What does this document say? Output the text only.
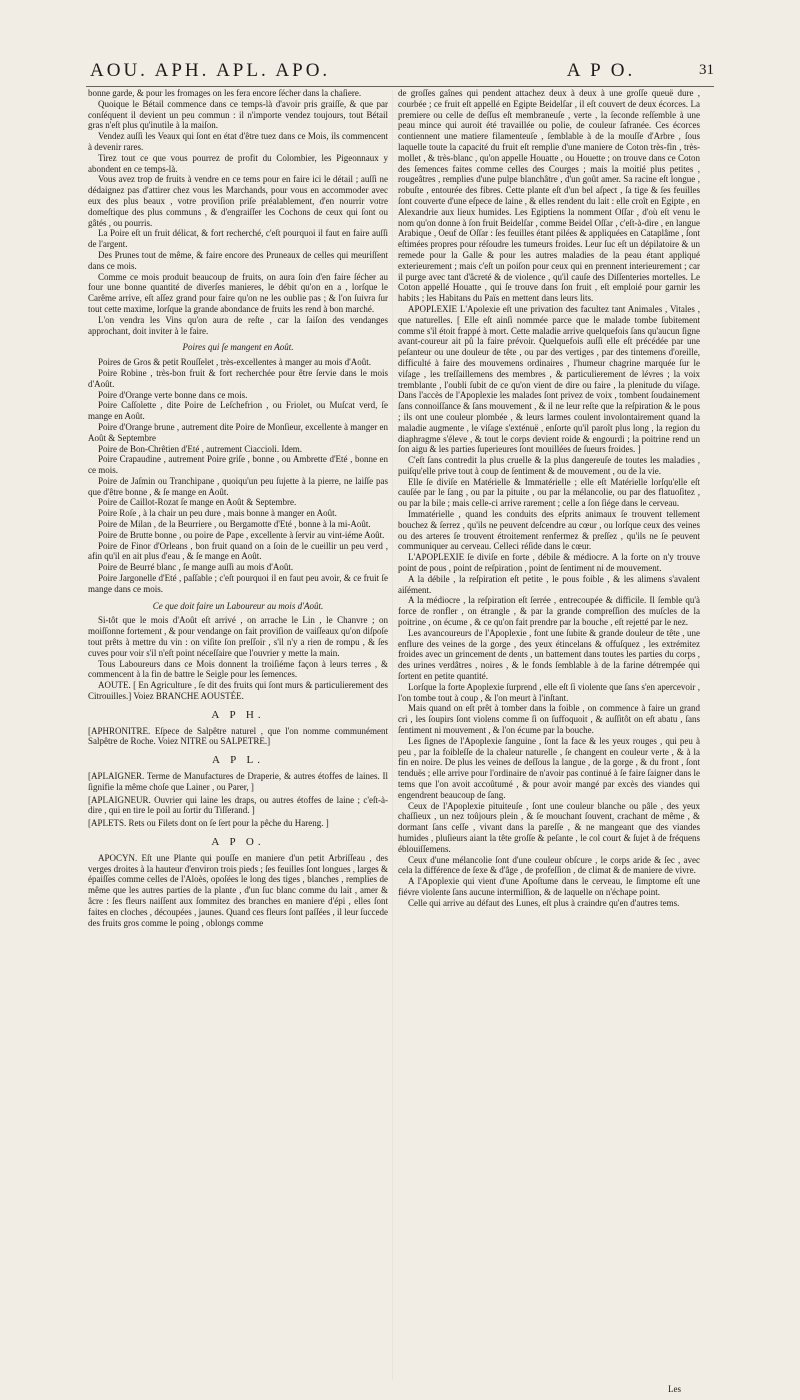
AOU. APH. APL. APO.	A P O.	31

bonne garde, & pour les fromages on les fera encore ſécher dans la chaſiere.

Quoique le Bétail commence dans ce temps-là d'avoir pris graiſſe, & que par conſéquent il devient un peu commun : il n'importe vendez toujours, tout Bétail gras n'eſt plus qu'inutile à la maiſon.

Vendez auſſi les Veaux qui ſont en état d'être tuez dans ce Mois, ils commencent à devenir rares.

Tirez tout ce que vous pourrez de profit du Colombier, les Pigeonnaux y abondent en ce temps-là.

Vous avez trop de fruits à vendre en ce tems pour en faire ici le détail ; auſſi ne dédaignez pas d'attirer chez vous les Marchands, pour vous en accommoder avec eux des plus beaux , votre proviſion priſe préalablement, d'en nourrir votre domeſtique des plus communs , & d'engraiſſer les Cochons de ceux qui ſont ou gâtés , ou pourris.

La Poire eſt un fruit délicat, & fort recherché, c'eſt pourquoi il faut en faire auſſi de l'argent.

Des Prunes tout de même, & faire encore des Pruneaux de celles qui meuriſſent dans ce mois.

Comme ce mois produit beaucoup de fruits, on aura ſoin d'en faire ſécher au four une bonne quantité de diverſes manieres, le débit qu'on en a , lorſque le Carême arrive, eſt aſſez grand pour faire qu'on ne les oublie pas ; & l'on ſuivra ſur tout cette maxime, lorſque la grande abondance de fruits les rend à bon marché.

L'on vendra les Vins qu'on aura de reſte , car la ſaiſon des vendanges approchant, doit inviter à le faire.

Poires qui ſe mangent en Août.

Poires de Gros & petit Rouſſelet , très-excellentes à manger au mois d'Août.

Poire Robine , très-bon fruit & fort recherchée pour être ſervie dans le mois d'Août.

Poire d'Orange verte bonne dans ce mois.

Poire Caſſolette , dite Poire de Leſchefrion , ou Friolet, ou Muſcat verd, ſe mange en Août.

Poire d'Orange brune , autrement dite Poire de Monſieur, excellente à manger en Août & Septembre

Poire de Bon-Chrêtien d'Eté , autrement Ciaccioli. Idem.

Poire Crapaudine , autrement Poire griſe , bonne , ou Ambrette d'Eté , bonne en ce mois.

Poire de Jaſmin ou Tranchipane , quoiqu'un peu ſujette à la pierre, ne laiſſe pas que d'être bonne , & ſe mange en Août.

Poire de Caillot-Rozat ſe mange en Août & Septembre.

Poire Roſe , à la chair un peu dure , mais bonne à manger en Août.

Poire de Milan , de la Beurriere , ou Bergamotte d'Eté , bonne à la mi-Août.

Poire de Brutte bonne , ou poire de Pape , excellente à ſervir au vint-iéme Août.

Poire de Finor d'Orleans , bon fruit quand on a ſoin de le cueillir un peu verd , afin qu'il en ait plus d'eau , & ſe mange en Août.

Poire de Beurré blanc , ſe mange auſſi au mois d'Août.

Poire Jargonelle d'Eté , paſſable ; c'eſt pourquoi il en faut peu avoir, & ce fruit ſe mange dans ce mois.

Ce que doit faire un Laboureur au mois d'Août.

Si-tôt que le mois d'Août eſt arrivé , on arrache le Lin , le Chanvre ; on moiſſonne fortement , & pour vendange on fait proviſion de vaiſſeaux qu'on diſpoſe tout prêts à mettre du vin : on viſite ſon preſſoir , s'il n'y a rien de rompu , & ſes cuves pour voir s'il n'eſt point néceſſaire que l'ouvrier y mette la main.

Tous Laboureurs dans ce Mois donnent la troiſiéme façon à leurs terres , & commencent à la fin de battre le Seigle pour les ſemences.

AOUTE. [ En Agriculture , ſe dit des fruits qui ſont murs & particulierement des Citrouilles.] Voiez BRANCHE AOUSTÉE.

A P H.

[APHRONITRE. Eſpece de Salpêtre naturel , que l'on nomme communément Salpêtre de Roche. Voiez NITRE ou SALPETRE.]

A P L.

[APLAIGNER. Terme de Manufactures de Draperie, & autres étoffes de laines. Il ſignifie la même choſe que Lainer , ou Parer, ]

[APLAIGNEUR. Ouvrier qui laine les draps, ou autres étoffes de laine ; c'eſt-à-dire , qui en tire le poil au ſortir du Tiſſerand. ]

[APLETS. Rets ou Filets dont on ſe ſert pour la pêche du Hareng. ]

A P O.

APOCYN. Eſt une Plante qui pouſſe en maniere d'un petit Arbriſſeau , des verges droites à la hauteur d'environ trois pieds ; ſes feuilles ſont longues , larges & épaiſſes comme celles de l'Aloès, opoſées le long des tiges , blanches , remplies de même que les autres parties de la plante , d'un ſuc blanc comme du lait , amer & âcre : ſes fleurs naiſſent aux ſommitez des branches en maniere d'épi , elles ſont faites en cloches , découpées , jaunes. Quand ces fleurs ſont paſſées , il leur ſuccede des fruits gros comme le poing , oblongs comme

de groſſes gaînes qui pendent attachez deux à deux à une groſſe queuë dure , courbée ; ce fruit eſt appellé en Egipte Beidelſar , il eſt couvert de deux écorces. La premiere ou celle de deſſus eſt membraneuſe , verte , la ſeconde reſſemble à une peau mince qui auroit été travaillée ou polie, de couleur ſafranée. Ces écorces contiennent une matiere filamenteuſe , ſemblable à de la mouſſe d'Arbre , ſous laquelle toute la capacité du fruit eſt remplie d'une maniere de Coton très-fin , très-mollet , & très-blanc , qu'on appelle Houatte , ou Houette ; on trouve dans ce Coton des ſemences faites comme celles des Courges ; mais la moitié plus petites , rougeâtres , remplies d'une pulpe blanchâtre , d'un goût amer. Sa racine eſt longue , robuſte , entourée des fibres. Cette plante eſt d'un bel aſpect , ſa tige & ſes feuilles ſont couverte d'une eſpece de laine , & elles rendent du lait : elle croît en Egipte , en Alexandrie aux lieux humides. Les Egiptiens la nomment Oſſar , d'où eſt venu le nom qu'on donne à ſon fruit Beidelſar , comme Beidel Oſſar , c'eſt-à-dire , en langue Arabique , Oeuf de Oſſar : ſes feuilles étant pilées & appliquées en Cataplâme , ſont eſtimées propres pour réſoudre les tumeurs froides. Leur ſuc eſt un dépilatoire & un remede pour la Galle & pour les autres maladies de la peau étant appliqué exterieurement ; mais c'eſt un poiſon pour ceux qui en prennent interieurement ; car il purge avec tant d'âcreté & de violence , qu'il cauſe des Diſſenteries mortelles. Le Coton appellé Houatte , qui ſe trouve dans ſon fruit , eſt emploié pour garnir les habits ; les Habitans du Païs en mettent dans leurs lits.

APOPLEXIE L'Apolexie eſt une privation des facultez tant Animales , Vitales , que naturelles. [ Elle eſt ainſi nommée parce que le malade tombe ſubitement comme s'il étoit frappé à mort. Cette maladie arrive quelquefois ſans qu'aucun ſigne avant-coureur ait pû la faire prévoir. Quelquefois auſſi elle eſt précédée par une peſanteur ou une douleur de tête , ou par des vertiges , par des tintemens d'oreille, difficulté à faire des mouvemens ordinaires , l'humeur chagrine marquée ſur le viſage , les treſſaillemens des membres , & particulierement de lévres ; la voix tremblante , l'oubli ſubit de ce qu'on vient de dire ou faire , la plenitude du viſage. Dans l'accès de l'Apoplexie les malades ſont privez de voix , tombent ſoudainement ſans connoiſſance & ſans mouvement , & il ne leur reſte que la reſpiration & le pous ; ils ont une couleur plombée , & leurs larmes coulent involontairement quand la maladie augmente , le viſage s'exténuë , enſorte qu'il paroît plus long , la region du diaphragme s'éleve , & tout le corps devient roide & engourdi ; la poitrine rend un ſon aigu & les parties ſuperieures ſont mouillées de ſueurs froides. ]

C'eſt ſans contredit la plus cruelle & la plus dangereuſe de toutes les maladies , puiſqu'elle prive tout à coup de ſentiment & de mouvement , ou de la vie.

Elle ſe diviſe en Matérielle & Immatérielle ; elle eſt Matérielle lorſqu'elle eſt cauſée par le ſang , ou par la pituite , ou par la mélancolie, ou par des flatuoſitez , ou par la bile ; mais celle-ci arrive rarement ; celle a ſon ſiége dans le cerveau.

Immatérielle , quand les conduits des eſprits animaux ſe trouvent tellement bouchez & ſerrez , qu'ils ne peuvent deſcendre au cœur , ou lorſque ceux des veines ou des arteres ſe trouvent étroitement renfermez & preſſez , qu'ils ne ſe peuvent communiquer au cerveau. Celleci réſide dans le cœur.

L'APOPLEXIE ſe diviſe en forte , débile & médiocre. A la forte on n'y trouve point de pous , point de reſpiration , point de ſentiment ni de mouvement.

A la débile , la reſpiration eſt petite , le pous foible , & les alimens s'avalent aiſément.

A la médiocre , la reſpiration eſt ſerrée , entrecoupée & difficile. Il ſemble qu'à force de ronfler , on étrangle , & par la grande compreſſion des muſcles de la poitrine , on écume , & ce qu'on fait prendre par la bouche , eſt rejetté par le nez.

Les avancoureurs de l'Apoplexie , font une ſubite & grande douleur de tête , une enflure des veines de la gorge , des yeux étincelans & offuſquez , les extrémitez froides avec un grincement de dents , un battement dans toutes les parties du corps , des urines verdâtres , noires , & le fonds ſemblable à de la farine détrempée qui ſortent en petite quantité.

Lorſque la forte Apoplexie ſurprend , elle eſt ſi violente que ſans s'en apercevoir , l'on tombe tout à coup , & l'on meurt à l'inſtant.

Mais quand on eſt prêt à tomber dans la foible , on commence à faire un grand cri , les ſoupirs ſont violens comme ſi on ſuffoquoit , & auſſitôt on eſt abatu , ſans ſentiment ni mouvement , & l'on écume par la bouche.

Les ſignes de l'Apoplexie ſanguine , ſont la face & les yeux rouges , qui peu à peu , par la foibleſſe de la chaleur naturelle , ſe changent en couleur verte , & à la fin en noire. De plus les veines de deſſous la langue , de la gorge , & du front , ſont tenduës ; elle arrive pour l'ordinaire de n'avoir pas continué à ſe faire ſaigner dans le tems que l'on avoit accoûtumé , & pour avoir mangé par excès des viandes qui engendrent beaucoup de ſang.

Ceux de l'Apoplexie pituiteuſe , ſont une couleur blanche ou pâle , des yeux chaſſieux , un nez toûjours plein , & ſe mouchant ſouvent, crachant de même , & dormant ſans ceſſe , vivant dans la pareſſe , & ne mangeant que des viandes humides , pluſieurs aiant la tête groſſe & peſante , le col court & ſujet à de fréquens éblouiſſemens.

Ceux d'une mélancolie ſont d'une couleur obſcure , le corps aride & ſec , avec cela la différence de ſexe & d'âge , de profeſſion , de climat & de maniere de vivre.

A l'Apoplexie qui vient d'une Apoſtume dans le cerveau, le ſimptome eſt une fiévre violente ſans aucune intermiſſion, & de laquelle on n'échape point.

Celle qui arrive au défaut des Lunes, eſt plus à craindre qu'en d'autres tems.

Les
